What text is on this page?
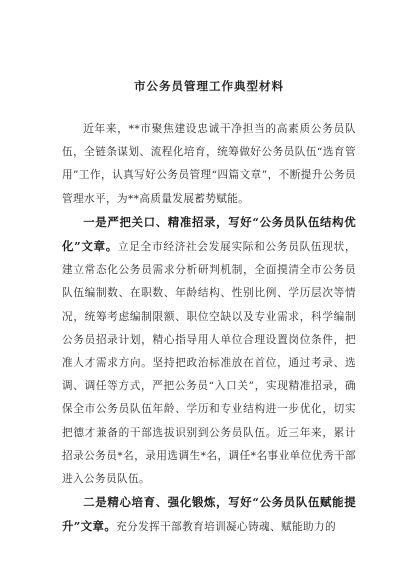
市公务员管理工作典型材料

近年来，**市聚焦建设忠诚干净担当的高素质公务员队伍，全链条谋划、流程化培育，统筹做好公务员队伍“选育管用”工作，认真写好公务员管理“四篇文章”，不断提升公务员管理水平，为**高质量发展蓄势赋能。

一是严把关口、精准招录，写好“公务员队伍结构优化”文章。立足全市经济社会发展实际和公务员队伍现状，建立常态化公务员需求分析研判机制，全面摸清全市公务员队伍编制数、在职数、年龄结构、性别比例、学历层次等情况，统筹考虑编制限额、职位空缺以及专业需求，科学编制公务员招录计划，精心指导用人单位合理设置岗位条件，把准人才需求方向。坚持把政治标准放在首位，通过考录、选调、调任等方式，严把公务员“入口关”，实现精准招录，确保全市公务员队伍年龄、学历和专业结构进一步优化，切实把德才兼备的干部选拔识别到公务员队伍。近三年来，累计招录公务员*名，录用选调生*名，调任*名事业单位优秀干部进入公务员队伍。

二是精心培育、强化锻炼，写好“公务员队伍赋能提升”文章。充分发挥干部教育培训凝心铸魂、赋能助力的
